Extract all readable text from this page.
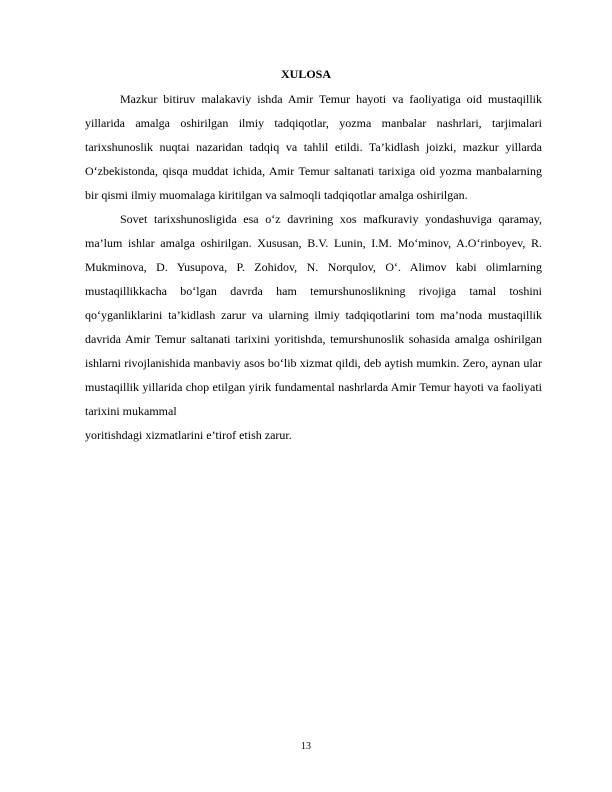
XULOSA

Mazkur bitiruv malakaviy ishda Amir Temur hayoti va faoliyatiga oid mustaqillik yillarida amalga oshirilgan ilmiy tadqiqotlar, yozma manbalar nashrlari, tarjimalari tarixshunoslik nuqtai nazaridan tadqiq va tahlil etildi. Ta’kidlash joizki, mazkur yillarda O‘zbekistonda, qisqa muddat ichida, Amir Temur saltanati tarixiga oid yozma manbalarning bir qismi ilmiy muomalaga kiritilgan va salmoqli tadqiqotlar amalga oshirilgan.

Sovet tarixshunosligida esa o‘z davrining xos mafkuraviy yondashuviga qaramay, ma’lum ishlar amalga oshirilgan. Xususan, B.V. Lunin, I.M. Mo‘minov, A.O‘rinboyev, R. Mukminova, D. Yusupova, P. Zohidov, N. Norqulov, O‘. Alimov kabi olimlarning mustaqillikkacha bo‘lgan davrda ham temurshunoslikning rivojiga tamal toshini qo‘yganliklarini ta’kidlash zarur va ularning ilmiy tadqiqotlarini tom ma’noda mustaqillik davrida Amir Temur saltanati tarixini yoritishda, temurshunoslik sohasida amalga oshirilgan ishlarni rivojlanishida manbaviy asos bo‘lib xizmat qildi, deb aytish mumkin. Zero, aynan ular mustaqillik yillarida chop etilgan yirik fundamental nashrlarda Amir Temur hayoti va faoliyati tarixini mukammal

yoritishdagi xizmatlarini e’tirof etish zarur.

13
